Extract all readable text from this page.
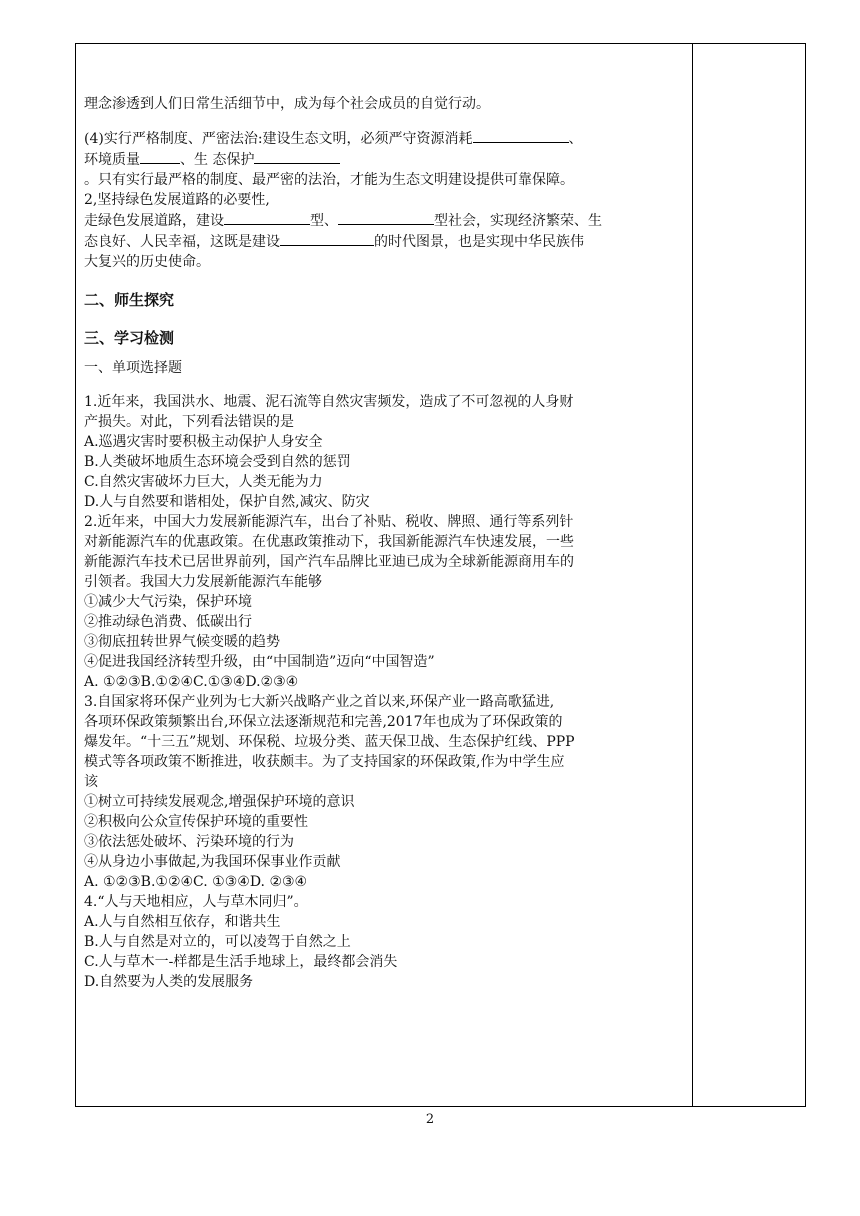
理念渗透到人们日常生活细节中，成为每个社会成员的自觉行动。
(4)实行严格制度、严密法治:建设生态文明，必须严守资源消耗	、
环境质量	、生 态保护
。只有实行最严格的制度、最严密的法治，才能为生态文明建设提供可靠保障。
2,坚持绿色发展道路的必要性,
走绿色发展道路，建设	型、	型社会，实现经济繁荣、生
态良好、人民幸福，这既是建设	的时代图景，也是实现中华民族伟
大复兴的历史使命。
二、师生探究
三、学习检测
一、单项选择题
1.近年来，我国洪水、地震、泥石流等自然灾害频发，造成了不可忽视的人身财
产损失。对此，下列看法错误的是
A.巡遇灾害时要积极主动保护人身安全
B.人类破坏地质生态环境会受到自然的惩罚
C.自然灾害破坏力巨大，人类无能为力
D.人与自然要和谐相处，保护自然,减灾、防灾
2.近年来，中国大力发展新能源汽车，出台了补贴、税收、牌照、通行等系列针
对新能源汽车的优惠政策。在优惠政策推动下，我国新能源汽车快速发展，一些
新能源汽车技术已居世界前列，国产汽车品牌比亚迪已成为全球新能源商用车的
引领者。我国大力发展新能源汽车能够
①减少大气污染，保护环境
②推动绿色消费、低碳出行
③彻底扭转世界气候变暖的趋势
④促进我国经济转型升级，由“中国制造”迈向“中国智造”
A. ①②③B.①②④C.①③④D.②③④
3.自国家将环保产业列为七大新兴战略产业之首以来,环保产业一路高歌猛进,
各项环保政策频繁出台,环保立法逐渐规范和完善,2017年也成为了环保政策的
爆发年。“十三五”规划、环保税、垃圾分类、蓝天保卫战、生态保护红线、PPP
模式等各项政策不断推进，收获颇丰。为了支持国家的环保政策,作为中学生应
该
①树立可持续发展观念,增强保护环境的意识
②积极向公众宣传保护环境的重要性
③依法惩处破坏、污染环境的行为
④从身边小事做起,为我国环保事业作贡献
A. ①②③B.①②④C. ①③④D. ②③④
4.“人与天地相应，人与草木同归”。
A.人与自然相互依存，和谐共生
B.人与自然是对立的，可以凌驾于自然之上
C.人与草木一-样都是生活手地球上，最终都会消失
D.自然要为人类的发展服务
2
